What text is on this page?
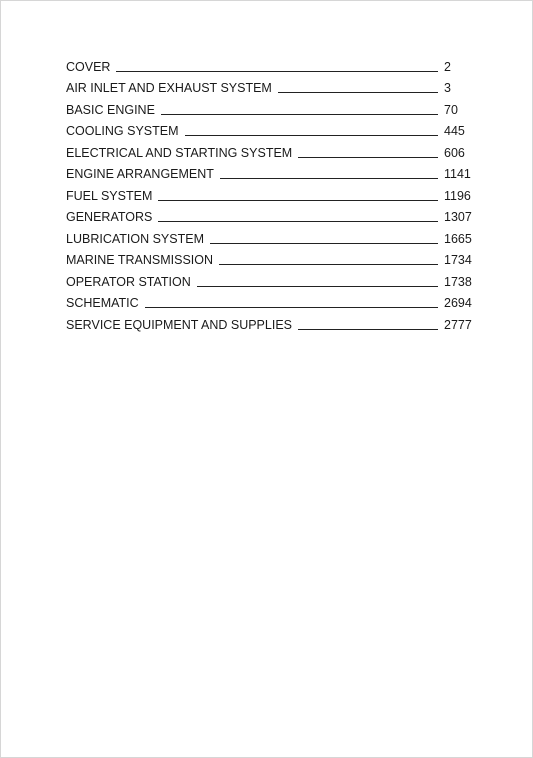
COVER	2
AIR INLET AND EXHAUST SYSTEM	3
BASIC ENGINE	70
COOLING SYSTEM	445
ELECTRICAL AND STARTING SYSTEM	606
ENGINE ARRANGEMENT	1141
FUEL SYSTEM	1196
GENERATORS	1307
LUBRICATION SYSTEM	1665
MARINE TRANSMISSION	1734
OPERATOR STATION	1738
SCHEMATIC	2694
SERVICE EQUIPMENT AND SUPPLIES	2777
